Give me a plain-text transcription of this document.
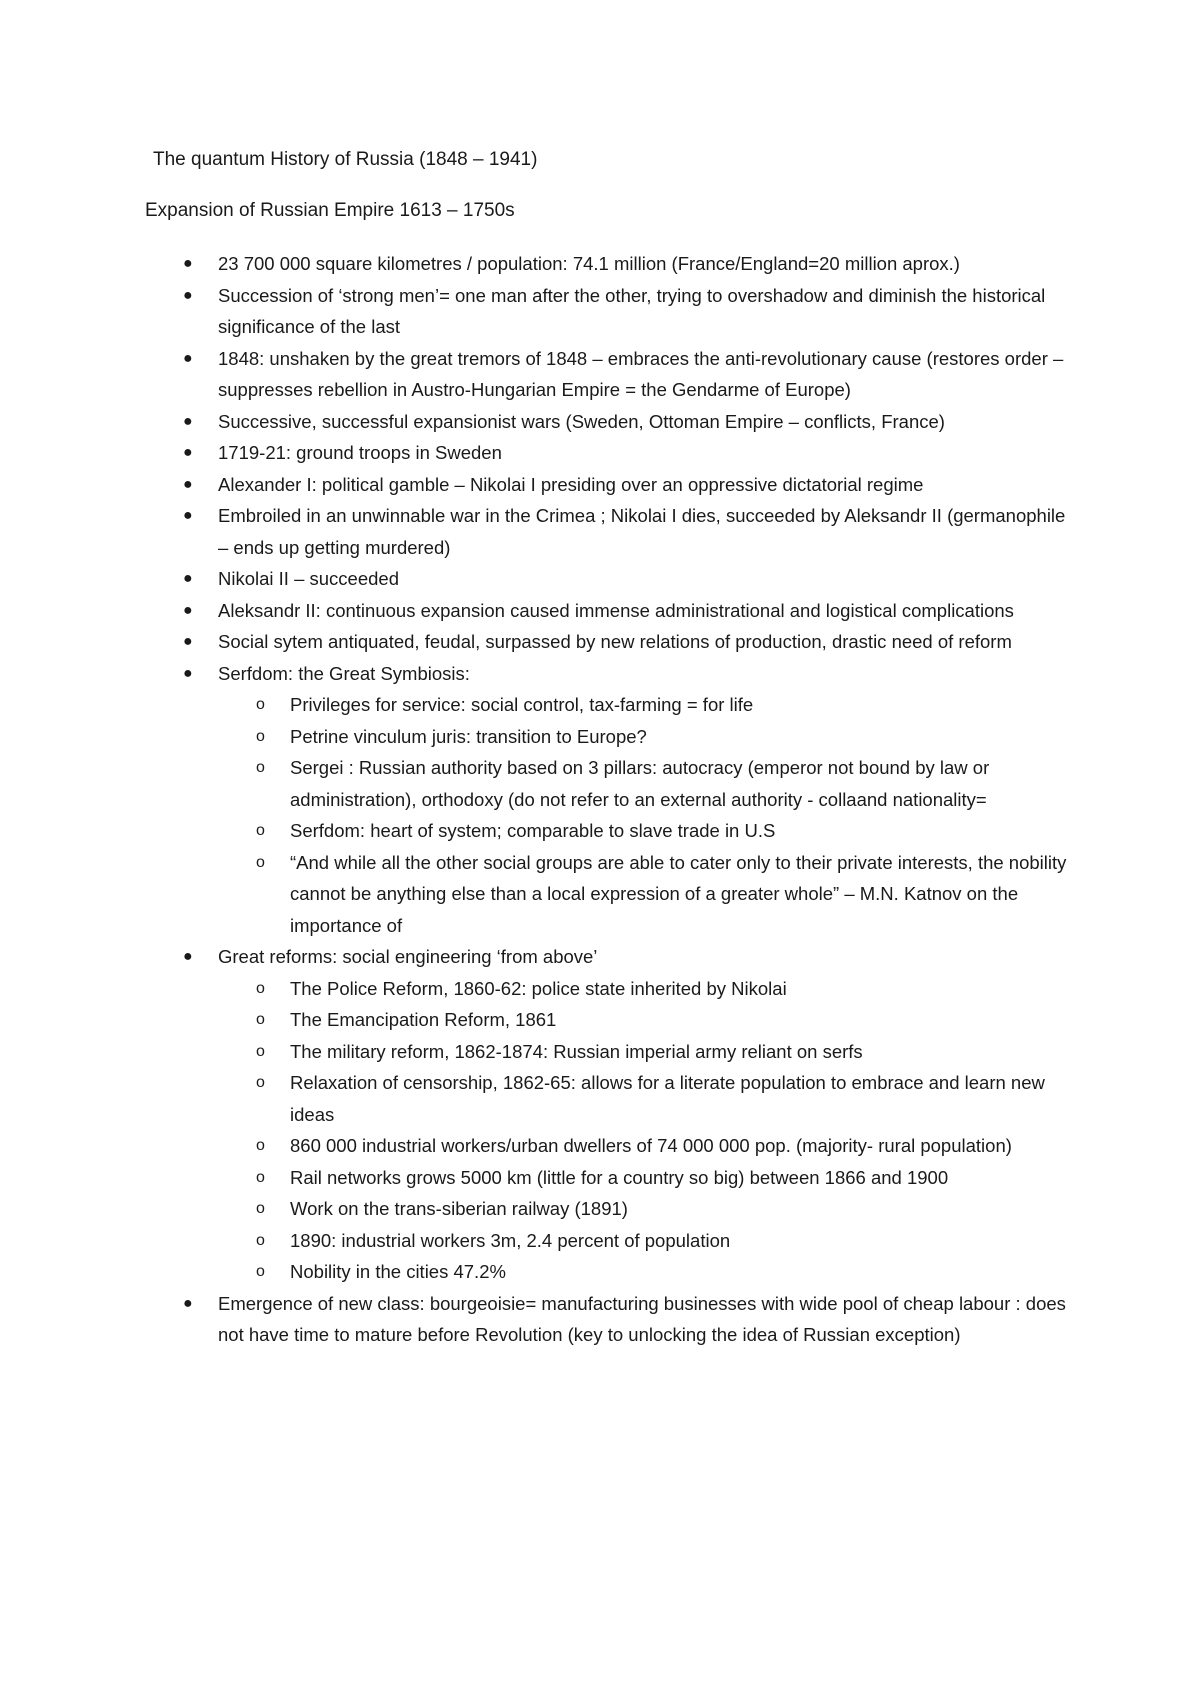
The quantum History of Russia (1848 – 1941)
Expansion of Russian Empire 1613 – 1750s
● 23 700 000 square kilometres / population: 74.1 million (France/England=20 million aprox.)
● Succession of ‘strong men’= one man after the other, trying to overshadow and diminish the historical significance of the last
● 1848: unshaken by the great tremors of 1848 – embraces the anti-revolutionary cause (restores order – suppresses rebellion in Austro-Hungarian Empire = the Gendarme of Europe)
● Successive, successful expansionist wars (Sweden, Ottoman Empire – conflicts, France)
● 1719-21: ground troops in Sweden
● Alexander I: political gamble – Nikolai I presiding over an oppressive dictatorial regime
● Embroiled in an unwinnable war in the Crimea ; Nikolai I dies, succeeded by Aleksandr II (germanophile – ends up getting murdered)
● Nikolai II – succeeded
● Aleksandr II: continuous expansion caused immense administrational and logistical complications
● Social sytem antiquated, feudal, surpassed by new relations of production, drastic need of reform
● Serfdom: the Great Symbiosis:
o Privileges for service: social control, tax-farming = for life
o Petrine vinculum juris: transition to Europe?
o Sergei : Russian authority based on 3 pillars: autocracy (emperor not bound by law or administration), orthodoxy (do not refer to an external authority - collaand nationality=
o Serfdom: heart of system; comparable to slave trade in U.S
o “And while all the other social groups are able to cater only to their private interests, the nobility cannot be anything else than a local expression of a greater whole” – M.N. Katnov on the importance of
● Great reforms: social engineering ‘from above’
o The Police Reform, 1860-62: police state inherited by Nikolai
o The Emancipation Reform, 1861
o The military reform, 1862-1874: Russian imperial army reliant on serfs
o Relaxation of censorship, 1862-65: allows for a literate population to embrace and learn new ideas
o 860 000 industrial workers/urban dwellers of 74 000 000 pop. (majority- rural population)
o Rail networks grows 5000 km (little for a country so big) between 1866 and 1900
o Work on the trans-siberian railway (1891)
o 1890: industrial workers 3m, 2.4 percent of population
o Nobility in the cities 47.2%
● Emergence of new class: bourgeoisie= manufacturing businesses with wide pool of cheap labour : does not have time to mature before Revolution (key to unlocking the idea of Russian exception)
